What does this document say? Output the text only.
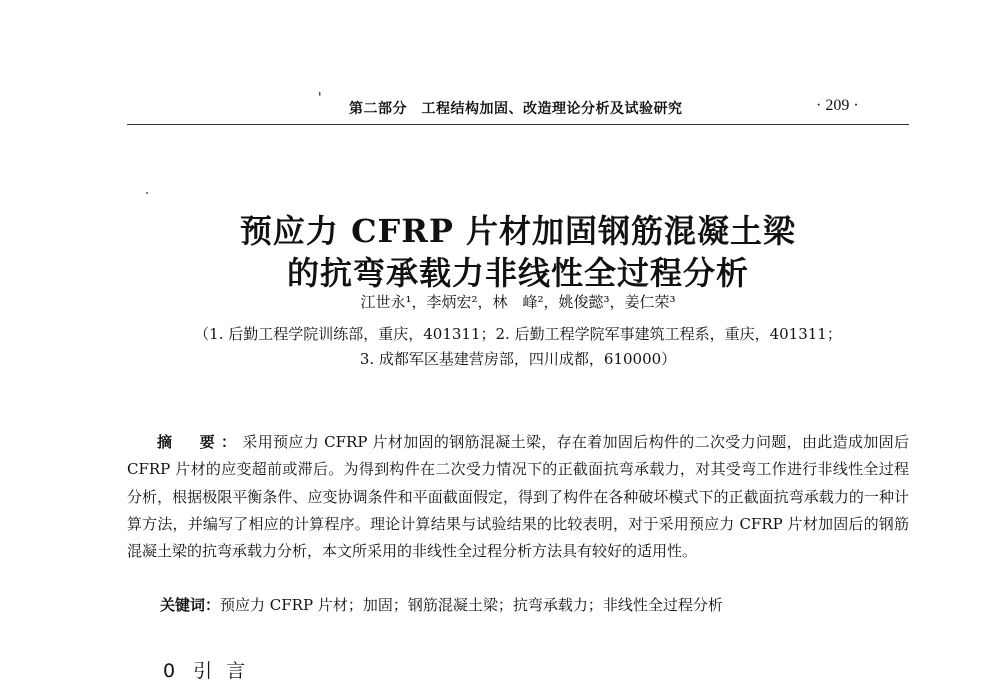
'
第二部分　工程结构加固、改造理论分析及试验研究	· 209 ·
预应力 CFRP 片材加固钢筋混凝土梁
的抗弯承载力非线性全过程分析
江世永¹，李炳宏²，林　峰²，姚俊懿³，姜仁荣³
（1. 后勤工程学院训练部，重庆，401311；2. 后勤工程学院军事建筑工程系，重庆，401311；
3. 成都军区基建营房部，四川成都，610000）

摘　要：采用预应力 CFRP 片材加固的钢筋混凝土梁，存在着加固后构件的二次受力问题，由此造成加固后 CFRP 片材的应变超前或滞后。为得到构件在二次受力情况下的正截面抗弯承载力，对其受弯工作进行非线性全过程分析，根据极限平衡条件、应变协调条件和平面截面假定，得到了构件在各种破坏模式下的正截面抗弯承载力的一种计算方法，并编写了相应的计算程序。理论计算结果与试验结果的比较表明，对于采用预应力 CFRP 片材加固后的钢筋混凝土梁的抗弯承载力分析，本文所采用的非线性全过程分析方法具有较好的适用性。

关键词：预应力 CFRP 片材；加固；钢筋混凝土梁；抗弯承载力；非线性全过程分析
0 引言
